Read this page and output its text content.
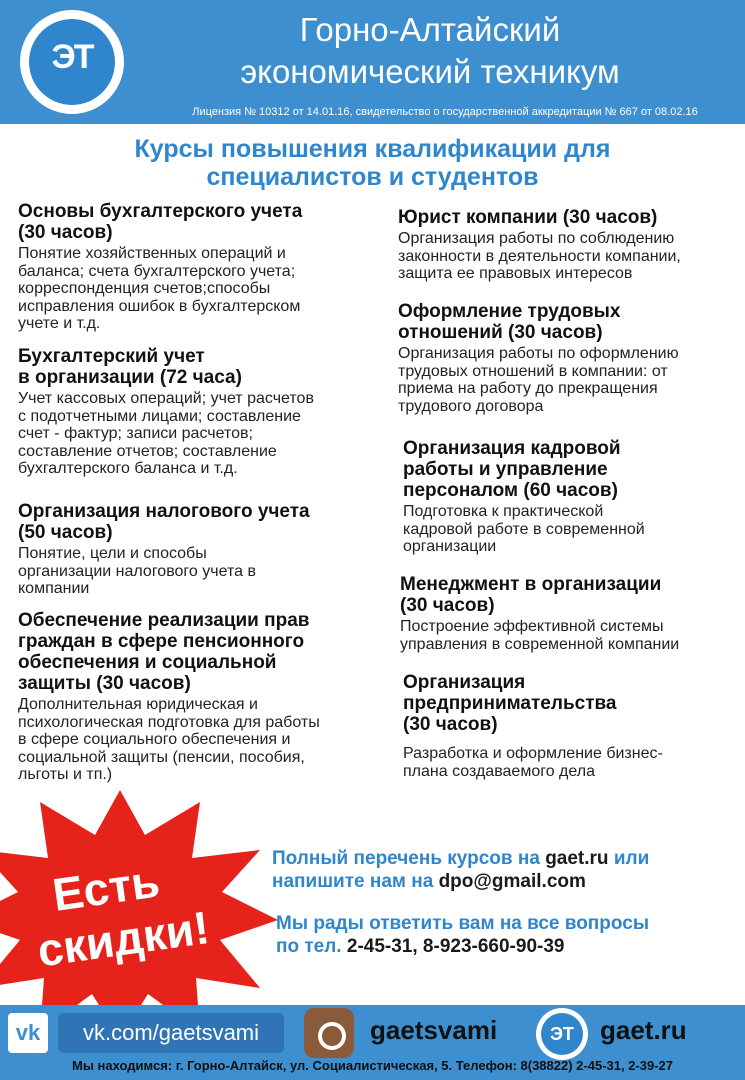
ЭТ
Горно-Алтайский
экономический техникум
Лицензия № 10312 от 14.01.16, свидетельство о государственной аккредитации № 667 от 08.02.16
Курсы повышения квалификации для
специалистов и студентов
Основы бухгалтерского учета
(30 часов)
Понятие хозяйственных операций и
баланса; счета бухгалтерского учета;
корреспонденция счетов;способы
исправления ошибок в бухгалтерском
учете и т.д.
Бухгалтерский учет
в организации (72 часа)
Учет кассовых операций; учет расчетов
с подотчетными лицами; составление
счет - фактур; записи расчетов;
составление отчетов; составление
бухгалтерского баланса и т.д.
Организация налогового учета
(50 часов)
Понятие, цели и способы
организации налогового учета в
компании
Обеспечение реализации прав
граждан в сфере пенсионного
обеспечения и социальной
защиты (30 часов)
Дополнительная юридическая и
психологическая подготовка для работы
в сфере социального обеспечения и
социальной защиты (пенсии, пособия,
льготы и тп.)
Юрист компании (30 часов)
Организация работы по соблюдению
законности в деятельности компании,
защита ее правовых интересов
Оформление трудовых
отношений (30 часов)
Организация работы по оформлению
трудовых отношений в компании: от
приема на работу до прекращения
трудового договора
Организация кадровой
работы и управление
персоналом (60 часов)
Подготовка к практической
кадровой работе в современной
организации
Менеджмент в организации
(30 часов)
Построение эффективной системы
управления в современной компании
Организация
предпринимательства
(30 часов)
Разработка и оформление бизнес-
плана создаваемого дела
Есть
скидки!
Полный перечень курсов на gaet.ru или
напишите нам на dpo@gmail.com
Мы рады ответить вам на все вопросы
по тел. 2-45-31, 8-923-660-90-39
vk	vk.com/gaetsvami	gaetsvami	ЭТ	gaet.ru
Мы находимся: г. Горно-Алтайск, ул. Социалистическая, 5. Телефон: 8(38822) 2-45-31, 2-39-27
